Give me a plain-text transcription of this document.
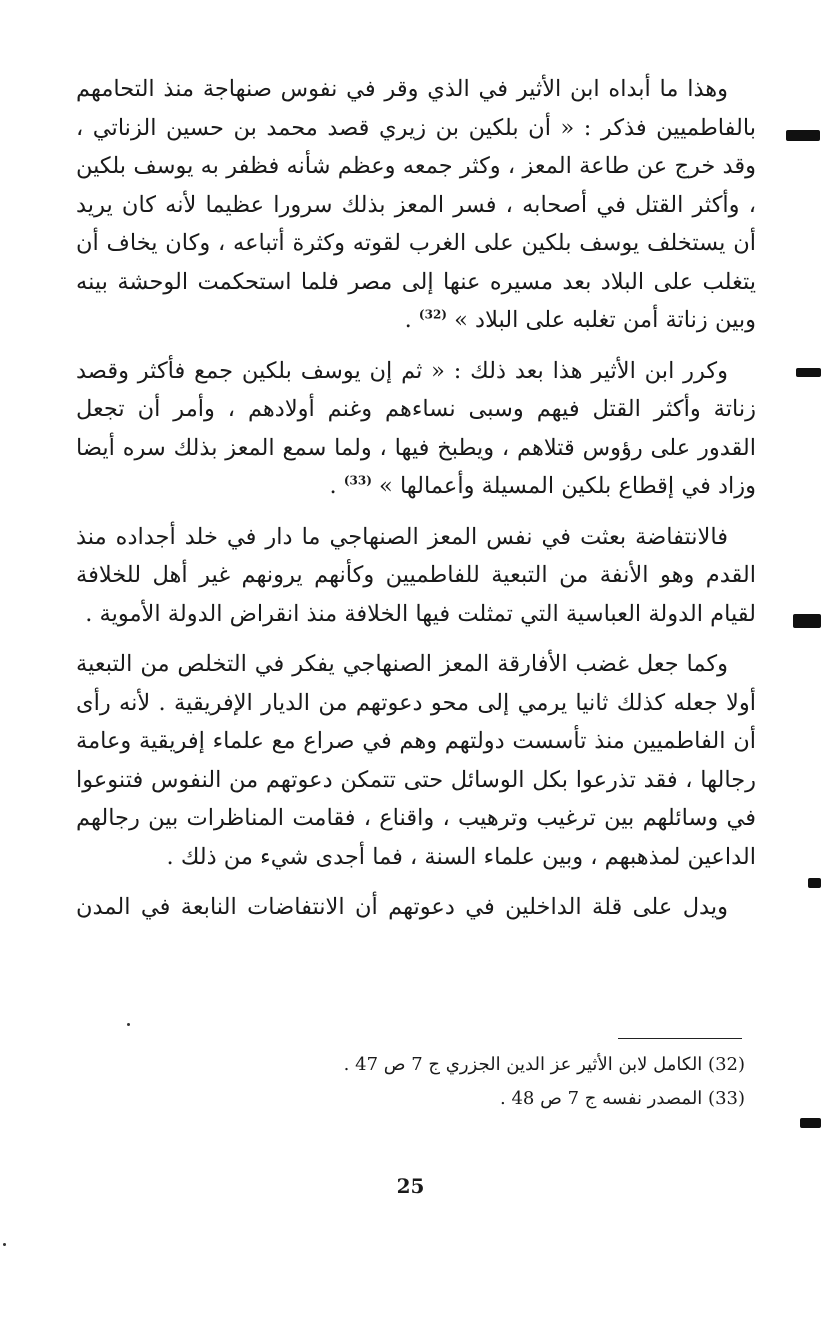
وهذا ما أبداه ابن الأثير في الذي وقر في نفوس صنهاجة منذ التحامهم بالفاطميين فذكر : « أن بلكين بن زيري قصد محمد بن حسين الزناتي ، وقد خرج عن طاعة المعز ، وكثر جمعه وعظم شأنه فظفر به يوسف بلكين ، وأكثر القتل في أصحابه ، فسر المعز بذلك سرورا عظيما لأنه كان يريد أن يستخلف يوسف بلكين على الغرب لقوته وكثرة أتباعه ، وكان يخاف أن يتغلب على البلاد بعد مسيره عنها إلى مصر فلما استحكمت الوحشة بينه وبين زناتة أمن تغلبه على البلاد » $^{(32)}$ .

وكرر ابن الأثير هذا بعد ذلك : « ثم إن يوسف بلكين جمع فأكثر وقصد زناتة وأكثر القتل فيهم وسبى نساءهم وغنم أولادهم ، وأمر أن تجعل القدور على رؤوس قتلاهم ، ويطبخ فيها ، ولما سمع المعز بذلك سره أيضا وزاد في إقطاع بلكين المسيلة وأعمالها » $^{(33)}$ .

فالانتفاضة بعثت في نفس المعز الصنهاجي ما دار في خلد أجداده منذ القدم وهو الأنفة من التبعية للفاطميين وكأنهم يرونهم غير أهل للخلافة لقيام الدولة العباسية التي تمثلت فيها الخلافة منذ انقراض الدولة الأموية .

وكما جعل غضب الأفارقة المعز الصنهاجي يفكر في التخلص من التبعية أولا جعله كذلك ثانيا يرمي إلى محو دعوتهم من الديار الإفريقية . لأنه رأى أن الفاطميين منذ تأسست دولتهم وهم في صراع مع علماء إفريقية وعامة رجالها ، فقد تذرعوا بكل الوسائل حتى تتمكن دعوتهم من النفوس فتنوعوا في وسائلهم بين ترغيب وترهيب ، واقناع ، فقامت المناظرات بين رجالهم الداعين لمذهبهم ، وبين علماء السنة ، فما أجدى شيء من ذلك .

ويدل على قلة الداخلين في دعوتهم أن الانتفاضات النابعة في المدن

(32) الكامل لابن الأثير عز الدين الجزري ج 7 ص 47 .

(33) المصدر نفسه ج 7 ص 48 .

25
